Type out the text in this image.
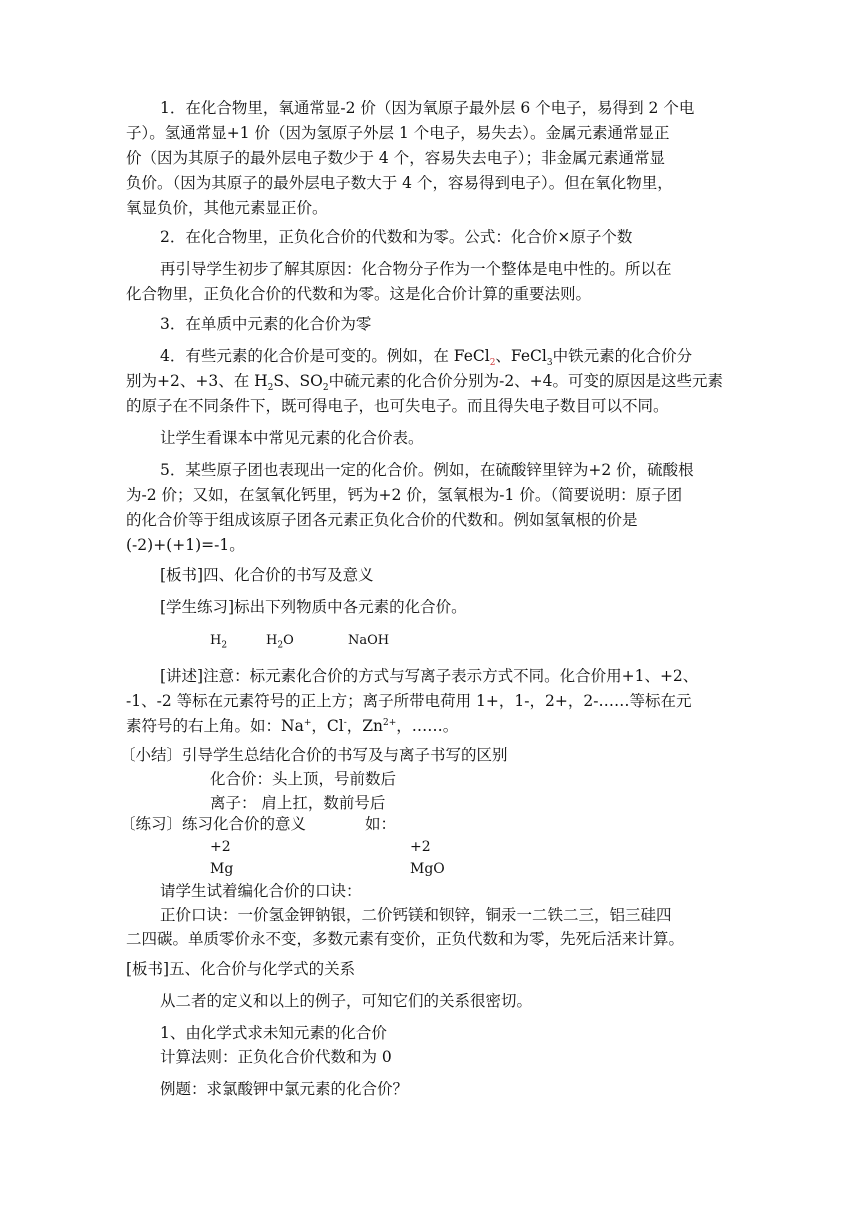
1．在化合物里，氧通常显-2 价（因为氧原子最外层 6 个电子，易得到 2 个电
子）。氢通常显+1 价（因为氢原子外层 1 个电子，易失去）。金属元素通常显正
价（因为其原子的最外层电子数少于 4 个，容易失去电子）；非金属元素通常显
负价。（因为其原子的最外层电子数大于 4 个，容易得到电子）。但在氧化物里，
氧显负价，其他元素显正价。
2．在化合物里，正负化合价的代数和为零。公式：化合价×原子个数
再引导学生初步了解其原因：化合物分子作为一个整体是电中性的。所以在
化合物里，正负化合价的代数和为零。这是化合价计算的重要法则。
3．在单质中元素的化合价为零
4．有些元素的化合价是可变的。例如，在 FeCl$_2$、FeCl$_3$中铁元素的化合价分
别为+2、+3、在 $H_2S$、$SO_2$中硫元素的化合价分别为-2、+4。可变的原因是这些元素
的原子在不同条件下，既可得电子，也可失电子。而且得失电子数目可以不同。
让学生看课本中常见元素的化合价表。
5．某些原子团也表现出一定的化合价。例如，在硫酸锌里锌为+2 价，硫酸根
为-2 价；又如，在氢氧化钙里，钙为+2 价，氢氧根为-1 价。（简要说明：原子团
的化合价等于组成该原子团各元素正负化合价的代数和。例如氢氧根的价是
(-2)+(+1)=-1。
[板书]四、化合价的书写及意义
[学生练习]标出下列物质中各元素的化合价。
$H_2$	$H_2O$	NaOH
[讲述]注意：标元素化合价的方式与写离子表示方式不同。化合价用+1、+2、
-1、-2 等标在元素符号的正上方；离子所带电荷用 1+，1-，2+，2-……等标在元
素符号的右上角。如：Na+，Cl-，$Zn^{2+}$，……。
〔小结〕引导学生总结化合价的书写及与离子书写的区别
化合价：头上顶，号前数后
离子： 肩上扛，数前号后
〔练习〕练习化合价的意义	如：
+2	+2
Mg	MgO
请学生试着编化合价的口诀：
正价口诀：一价氢金钾钠银，二价钙镁和钡锌，铜汞一二铁二三，铝三硅四
二四碳。单质零价永不变，多数元素有变价，正负代数和为零，先死后活来计算。
[板书]五、化合价与化学式的关系
从二者的定义和以上的例子，可知它们的关系很密切。
1、由化学式求未知元素的化合价
计算法则：正负化合价代数和为 0
例题：求氯酸钾中氯元素的化合价？
